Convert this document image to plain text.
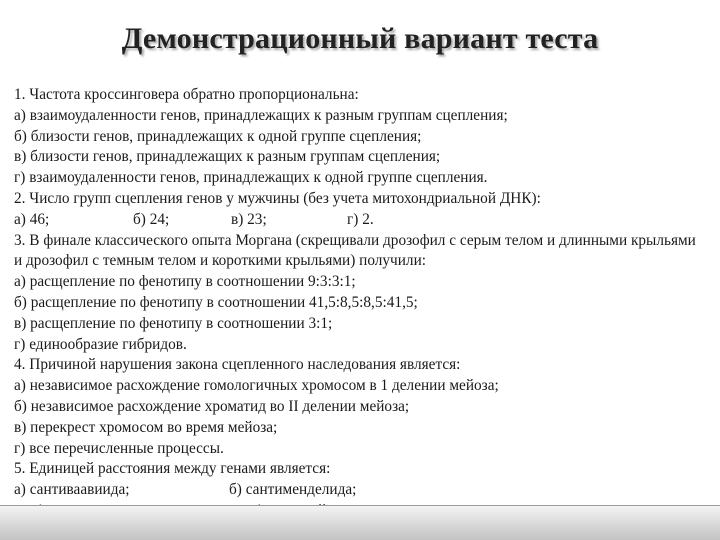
Демонстрационный вариант теста
1. Частота кроссинговера обратно пропорциональна:
а) взаимоудаленности генов, принадлежащих к разным группам сцепления;
б) близости генов, принадлежащих к одной группе сцепления;
в) близости генов, принадлежащих к разным группам сцепления;
г) взаимоудаленности генов, принадлежащих к одной группе сцепления.
2. Число групп сцепления генов у мужчины (без учета митохондриальной ДНК):
а) 46;	б) 24;	в) 23;	г) 2.
3. В финале классического опыта Моргана (скрещивали дрозофил с серым телом и длинными крыльями и дрозофил с темным телом и короткими крыльями) получили:
а) расщепление по фенотипу в соотношении 9:3:3:1;
б) расщепление по фенотипу в соотношении 41,5:8,5:8,5:41,5;
в) расщепление по фенотипу в соотношении 3:1;
г) единообразие гибридов.
4. Причиной нарушения закона сцепленного наследования является:
а) независимое расхождение гомологичных хромосом в 1 делении мейоза;
б) независимое расхождение хроматид во II делении мейоза;
в) перекрест хромосом во время мейоза;
г) все перечисленные процессы.
5. Единицей расстояния между генами является:
а) сантиваавиида;	б) сантименделида;
